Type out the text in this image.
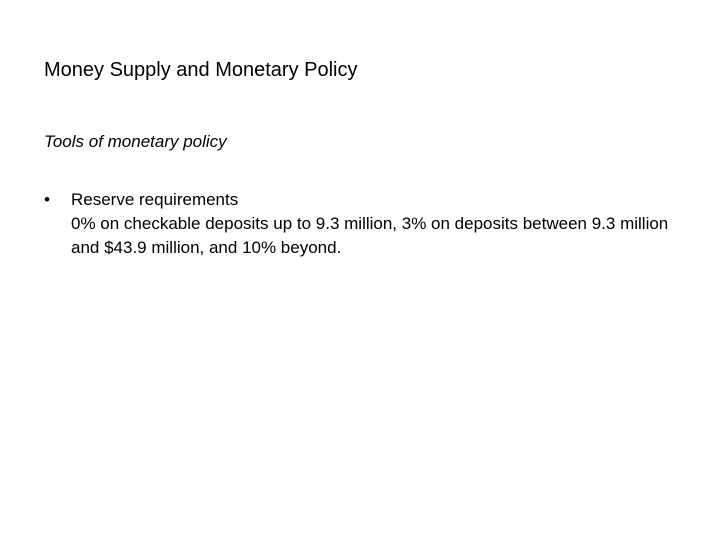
Money Supply and Monetary Policy
Tools of monetary policy
• Reserve requirements
0% on checkable deposits up to 9.3 million, 3% on deposits between 9.3 million and $43.9 million, and 10% beyond.
